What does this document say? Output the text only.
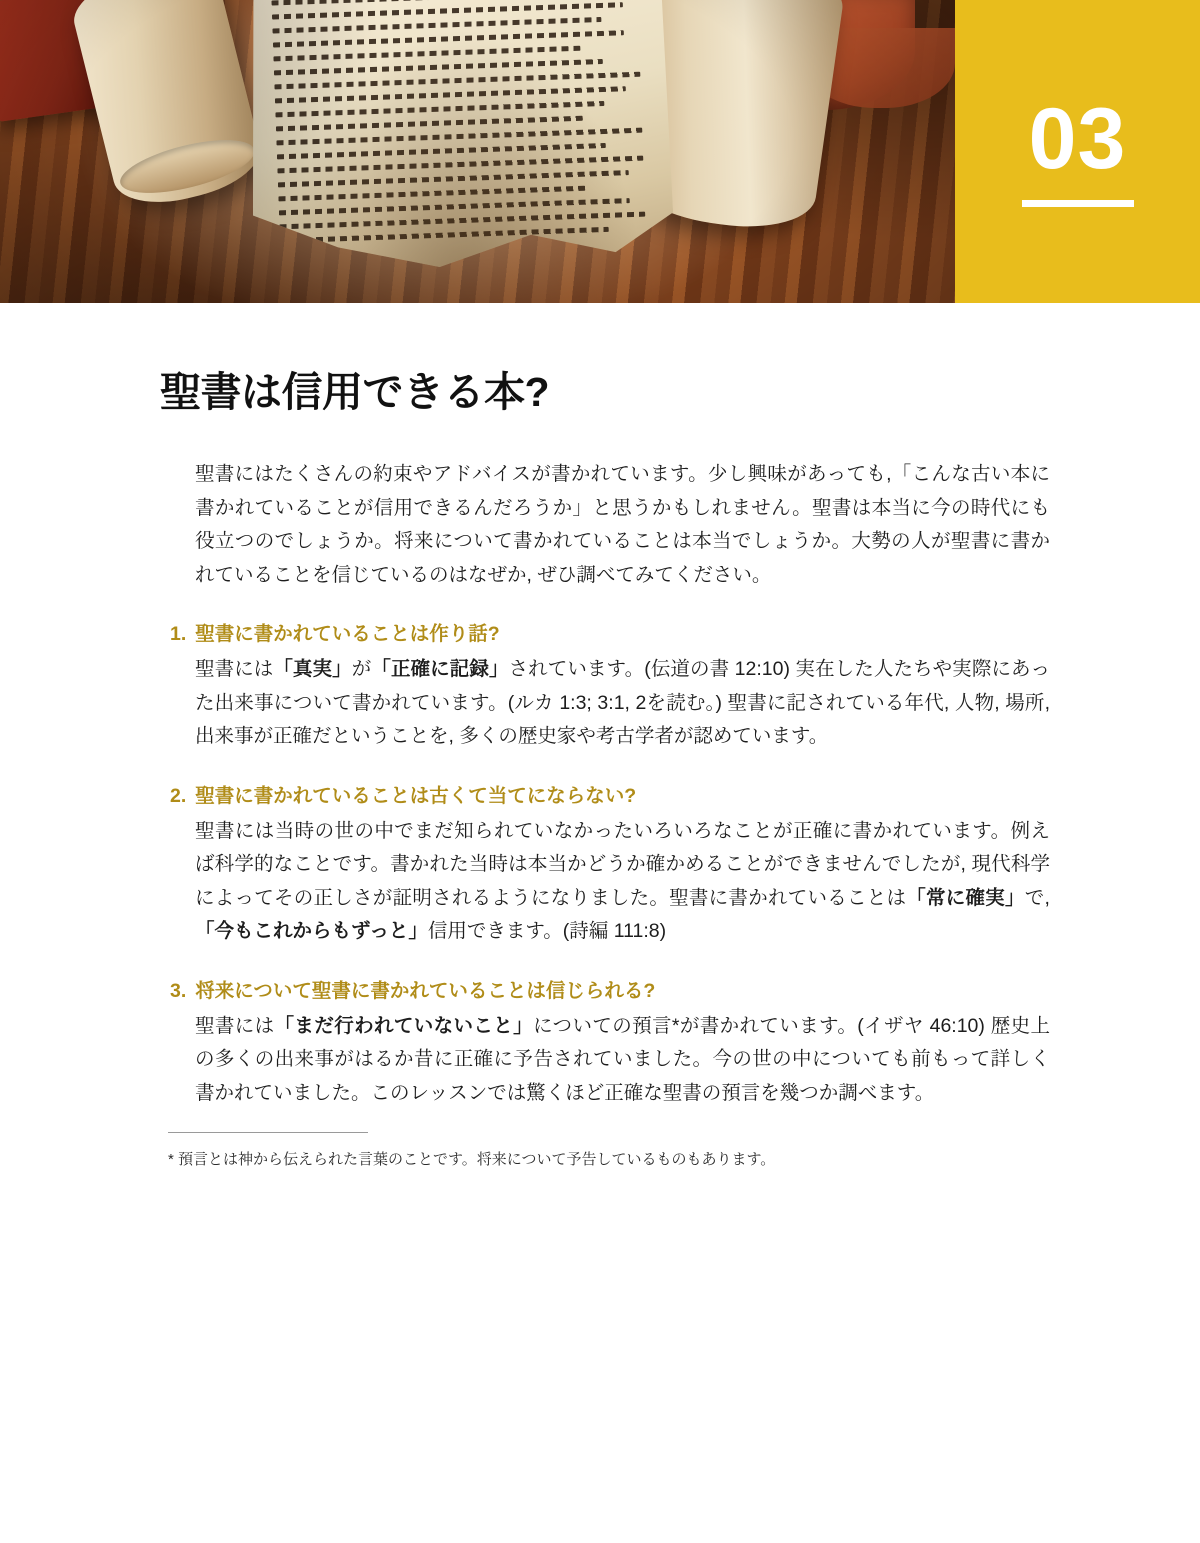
03
聖書は信用できる本?

聖書にはたくさんの約束やアドバイスが書かれています。少し興味があっても,「こんな古い本に書かれていることが信用できるんだろうか」と思うかもしれません。聖書は本当に今の時代にも役立つのでしょうか。将来について書かれていることは本当でしょうか。大勢の人が聖書に書かれていることを信じているのはなぜか, ぜひ調べてみてください。

1. 聖書に書かれていることは作り話?

聖書には「真実」が「正確に記録」されています。(伝道の書 12:10) 実在した人たちや実際にあった出来事について書かれています。(ルカ 1:3; 3:1, 2を読む。) 聖書に記されている年代, 人物, 場所, 出来事が正確だということを, 多くの歴史家や考古学者が認めています。

2. 聖書に書かれていることは古くて当てにならない?

聖書には当時の世の中でまだ知られていなかったいろいろなことが正確に書かれています。例えば科学的なことです。書かれた当時は本当かどうか確かめることができませんでしたが, 現代科学によってその正しさが証明されるようになりました。聖書に書かれていることは「常に確実」で,「今もこれからもずっと」信用できます。(詩編 111:8)

3. 将来について聖書に書かれていることは信じられる?

聖書には「まだ行われていないこと」についての預言*が書かれています。(イザヤ 46:10) 歴史上の多くの出来事がはるか昔に正確に予告されていました。今の世の中についても前もって詳しく書かれていました。このレッスンでは驚くほど正確な聖書の預言を幾つか調べます。

* 預言とは神から伝えられた言葉のことです。将来について予告しているものもあります。
